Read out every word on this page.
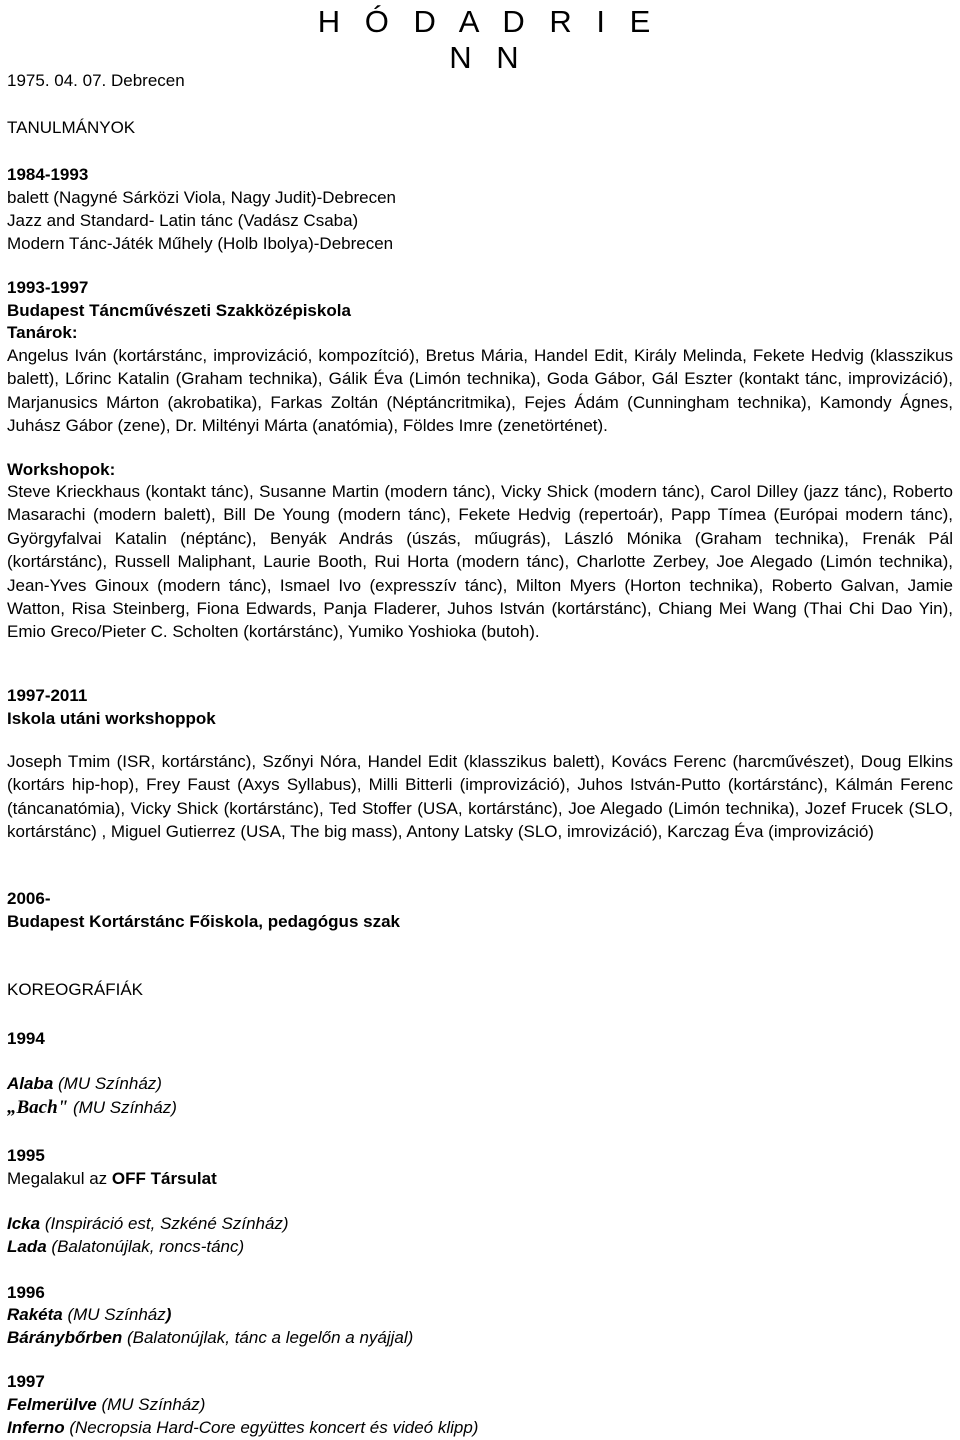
H Ó D A D R I E N N
1975. 04. 07. Debrecen
TANULMÁNYOK
1984-1993
balett (Nagyné Sárközi Viola, Nagy Judit)-Debrecen
Jazz and Standard- Latin tánc (Vadász Csaba)
Modern Tánc-Játék Műhely (Holb Ibolya)-Debrecen
1993-1997
Budapest Táncművészeti Szakközépiskola
Tanárok:

Angelus Iván (kortárstánc, improvizáció, kompozítció), Bretus Mária, Handel Edit, Király Melinda, Fekete Hedvig (klasszikus balett), Lőrinc Katalin (Graham technika), Gálik Éva (Limón technika), Goda Gábor, Gál Eszter (kontakt tánc, improvizáció), Marjanusics Márton (akrobatika), Farkas Zoltán (Néptáncritmika), Fejes Ádám (Cunningham technika), Kamondy Ágnes, Juhász Gábor (zene), Dr. Miltényi Márta (anatómia), Földes Imre (zenetörténet).

Workshopok:

Steve Krieckhaus (kontakt tánc), Susanne Martin (modern tánc), Vicky Shick (modern tánc), Carol Dilley (jazz tánc), Roberto Masarachi (modern balett), Bill De Young (modern tánc), Fekete Hedvig (repertoár), Papp Tímea (Európai modern tánc), Györgyfalvai Katalin (néptánc), Benyák András (úszás, műugrás), László Mónika (Graham technika), Frenák Pál (kortárstánc), Russell Maliphant, Laurie Booth, Rui Horta (modern tánc), Charlotte Zerbey, Joe Alegado (Limón technika), Jean-Yves Ginoux (modern tánc), Ismael Ivo (expresszív tánc), Milton Myers (Horton technika), Roberto Galvan, Jamie Watton, Risa Steinberg, Fiona Edwards, Panja Fladerer, Juhos István (kortárstánc), Chiang Mei Wang (Thai Chi Dao Yin), Emio Greco/Pieter C. Scholten (kortárstánc), Yumiko Yoshioka (butoh).

1997-2011
Iskola utáni workshoppok

Joseph Tmim (ISR, kortárstánc), Szőnyi Nóra, Handel Edit (klasszikus balett), Kovács Ferenc (harcművészet), Doug Elkins (kortárs hip-hop), Frey Faust (Axys Syllabus), Milli Bitterli (improvizáció), Juhos István-Putto (kortárstánc), Kálmán Ferenc (táncanatómia), Vicky Shick (kortárstánc), Ted Stoffer (USA, kortárstánc), Joe Alegado (Limón technika), Jozef Frucek (SLO, kortárstánc) , Miguel Gutierrez (USA, The big mass), Antony Latsky (SLO, imrovizáció), Karczag Éva (improvizáció)

2006-
Budapest Kortárstánc Főiskola, pedagógus szak
KOREOGRÁFIÁK
1994
Alaba (MU Színház)
„Bach" (MU Színház)
1995
Megalakul az OFF Társulat
Icka (Inspiráció est, Szkéné Színház)
Lada (Balatonújlak, roncs-tánc)
1996
Rakéta (MU Színház)
Báránybőrben (Balatonújlak, tánc a legelőn a nyájjal)
1997
Felmerülve (MU Színház)
Inferno (Necropsia Hard-Core együttes koncert és videó klipp)
